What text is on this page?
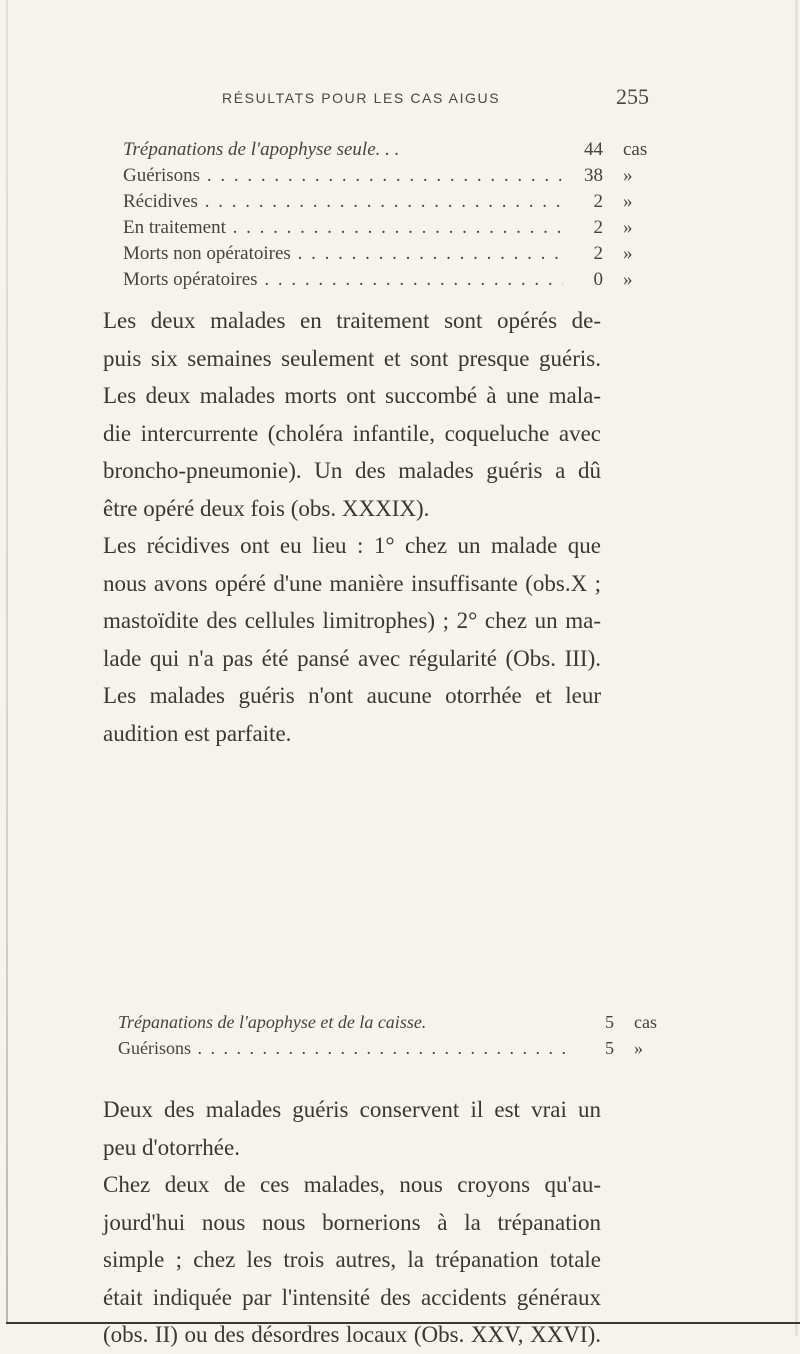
RÉSULTATS POUR LES CAS AIGUS	255
Trépanations de l'apophyse seule. . .	44 cas
Guérisons . . .	38 »
Récidives . . .	2 »
En traitement . . .	2 »
Morts non opératoires . . .	2 »
Morts opératoires . . .	0 »
Les deux malades en traitement sont opérés de-
puis six semaines seulement et sont presque guéris.
Les deux malades morts ont succombé à une mala-
die intercurrente (choléra infantile, coqueluche avec
broncho-pneumonie). Un des malades guéris a dû
être opéré deux fois (obs. XXXIX).
Les récidives ont eu lieu : 1° chez un malade que
nous avons opéré d'une manière insuffisante (obs.X ;
mastoïdite des cellules limitrophes) ; 2° chez un ma-
lade qui n'a pas été pansé avec régularité (Obs. III).
Les malades guéris n'ont aucune otorrhée et leur
audition est parfaite.
Trépanations de l'apophyse et de la caisse.	5 cas
Guérisons . . .	5 »
Deux des malades guéris conservent il est vrai un
peu d'otorrhée.
Chez deux de ces malades, nous croyons qu'au-
jourd'hui nous nous bornerions à la trépanation
simple ; chez les trois autres, la trépanation totale
était indiquée par l'intensité des accidents généraux
(obs. II) ou des désordres locaux (Obs. XXV, XXVI).
